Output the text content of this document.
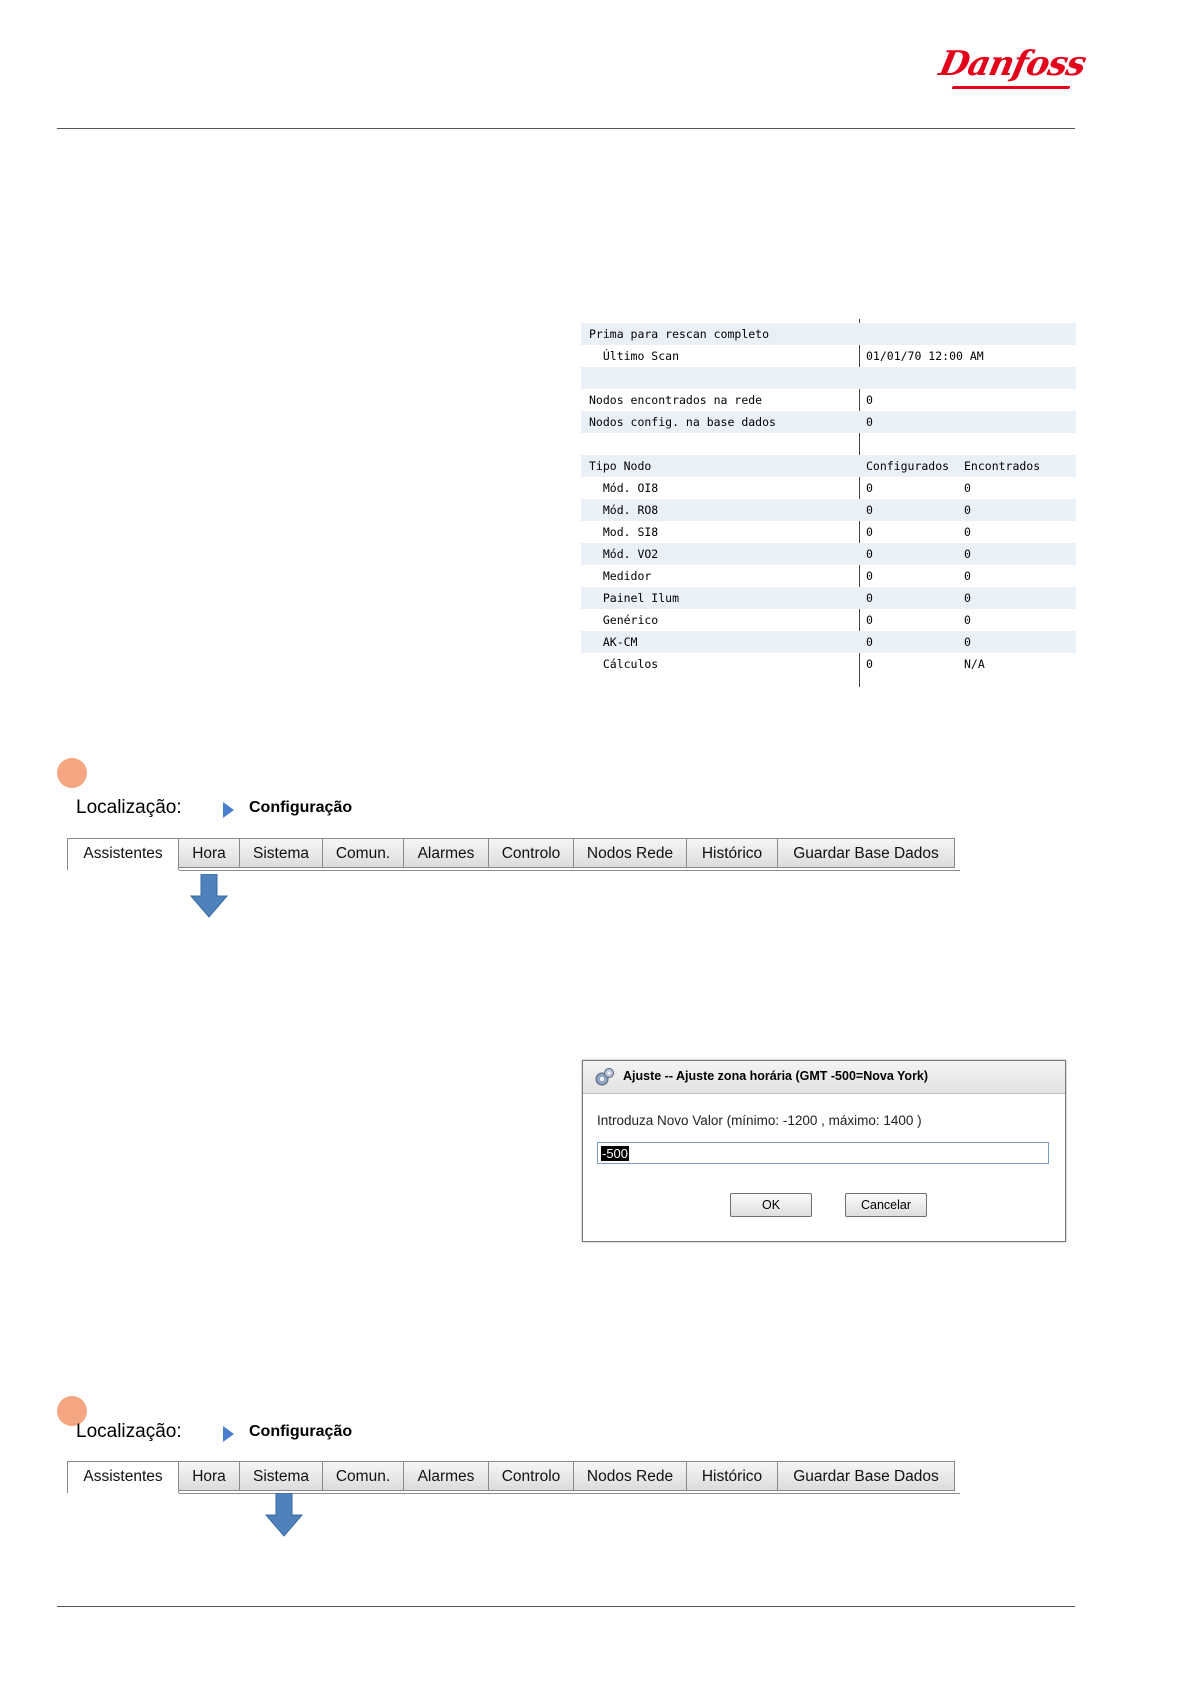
Danfoss
Prima para rescan completo
Último Scan	01/01/70 12:00 AM
Nodos encontrados na rede	0
Nodos config. na base dados	0
Tipo Nodo	Configurados Encontrados
Mód. OI8	0	0
Mód. RO8	0	0
Mod. SI8	0	0
Mód. VO2	0	0
Medidor	0	0
Painel Ilum	0	0
Genérico	0	0
AK-CM	0	0
Cálculos	0	N/A
Localização:	Configuração
Assistentes	Hora	Sistema	Comun.	Alarmes	Controlo	Nodos Rede	Histórico	Guardar Base Dados
Ajuste -- Ajuste zona horária (GMT -500=Nova York)
Introduza Novo Valor (mínimo: -1200 , máximo: 1400 )
-500
OK	Cancelar
Localização:	Configuração
Assistentes	Hora	Sistema	Comun.	Alarmes	Controlo	Nodos Rede	Histórico	Guardar Base Dados
